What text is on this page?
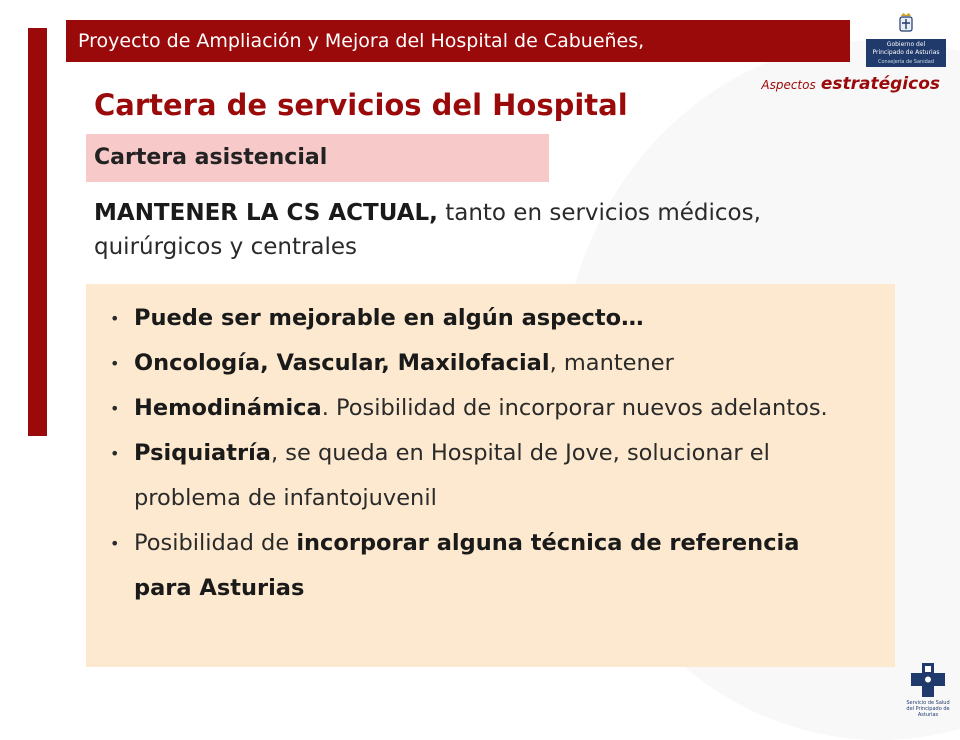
Proyecto de Ampliación y Mejora del Hospital de Cabueñes,	Gobierno del
Principado de Asturias
Consejería de Sanidad
Aspectos estratégicos
Cartera de servicios del Hospital
Cartera asistencial
MANTENER LA CS ACTUAL, tanto en servicios médicos, quirúrgicos y centrales
• Puede ser mejorable en algún aspecto…
• Oncología, Vascular, Maxilofacial, mantener
• Hemodinámica. Posibilidad de incorporar nuevos adelantos.
• Psiquiatría, se queda en Hospital de Jove, solucionar el problema de infantojuvenil
• Posibilidad de incorporar alguna técnica de referencia para Asturias
Servicio de Salud
del Principado de Asturias
